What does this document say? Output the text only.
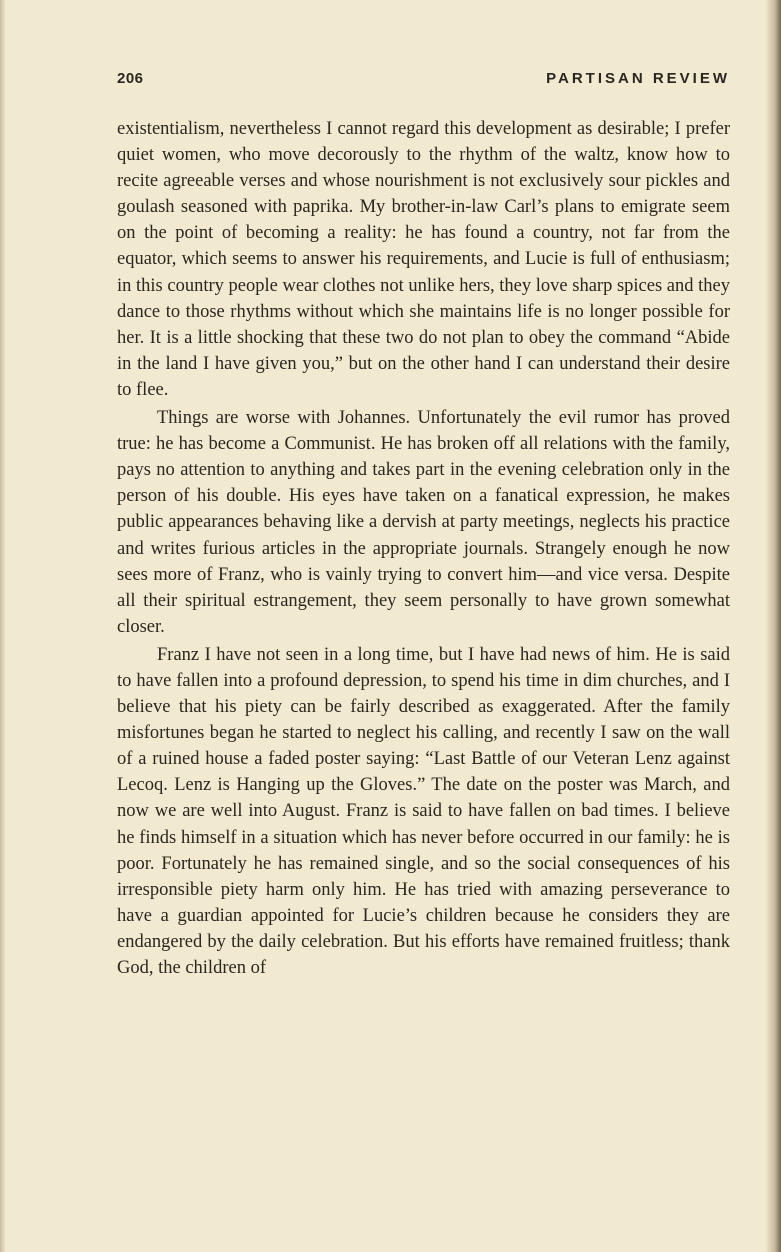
206	PARTISAN REVIEW

existentialism, nevertheless I cannot regard this development as desirable; I prefer quiet women, who move decorously to the rhythm of the waltz, know how to recite agreeable verses and whose nourishment is not exclusively sour pickles and goulash seasoned with paprika. My brother-in-law Carl’s plans to emigrate seem on the point of becoming a reality: he has found a country, not far from the equator, which seems to answer his requirements, and Lucie is full of enthusiasm; in this country people wear clothes not unlike hers, they love sharp spices and they dance to those rhythms without which she maintains life is no longer possible for her. It is a little shocking that these two do not plan to obey the command “Abide in the land I have given you,” but on the other hand I can understand their desire to flee.

Things are worse with Johannes. Unfortunately the evil rumor has proved true: he has become a Communist. He has broken off all relations with the family, pays no attention to anything and takes part in the evening celebration only in the person of his double. His eyes have taken on a fanatical expression, he makes public appearances behaving like a dervish at party meetings, neglects his practice and writes furious articles in the appropriate journals. Strangely enough he now sees more of Franz, who is vainly trying to convert him—and vice versa. Despite all their spiritual estrangement, they seem personally to have grown somewhat closer.

Franz I have not seen in a long time, but I have had news of him. He is said to have fallen into a profound depression, to spend his time in dim churches, and I believe that his piety can be fairly described as exaggerated. After the family misfortunes began he started to neglect his calling, and recently I saw on the wall of a ruined house a faded poster saying: “Last Battle of our Veteran Lenz against Lecoq. Lenz is Hanging up the Gloves.” The date on the poster was March, and now we are well into August. Franz is said to have fallen on bad times. I believe he finds himself in a situation which has never before occurred in our family: he is poor. Fortunately he has remained single, and so the social consequences of his irresponsible piety harm only him. He has tried with amazing perseverance to have a guardian appointed for Lucie’s children because he considers they are endangered by the daily celebration. But his efforts have remained fruitless; thank God, the children of
